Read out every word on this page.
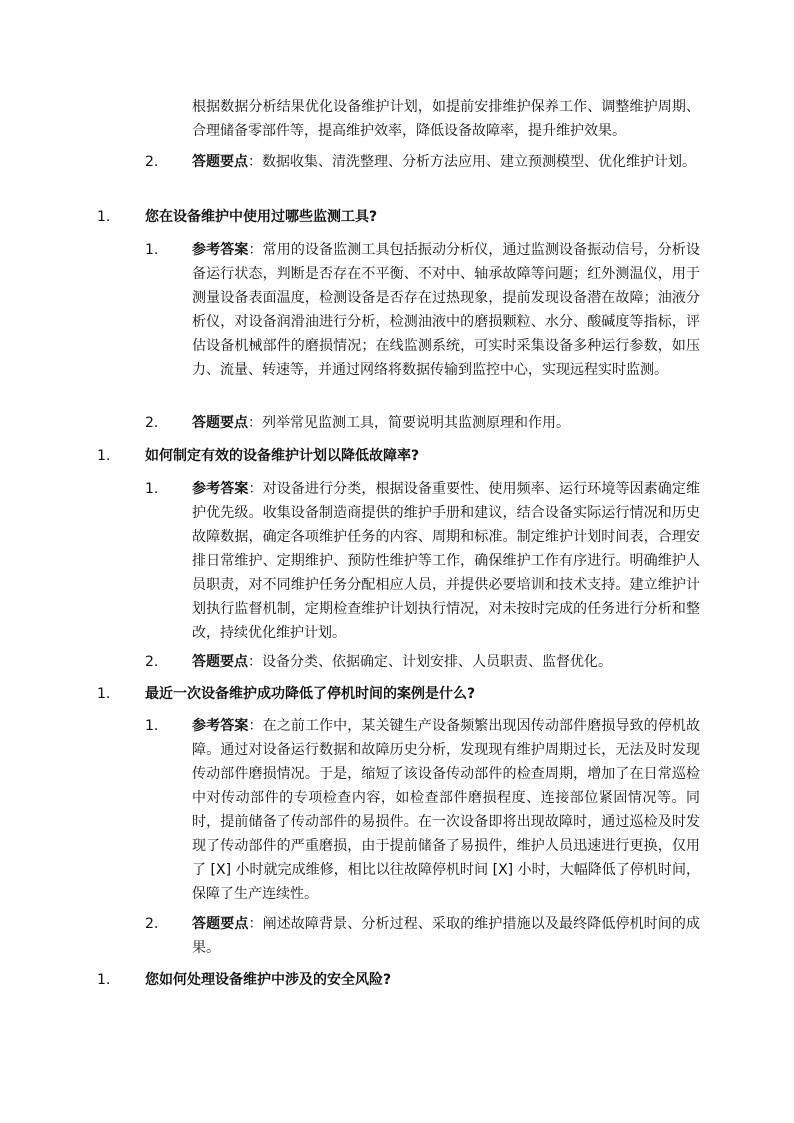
根据数据分析结果优化设备维护计划，如提前安排维护保养工作、调整维护周期、合理储备零部件等，提高维护效率，降低设备故障率，提升维护效果。
2. 答题要点：数据收集、清洗整理、分析方法应用、建立预测模型、优化维护计划。
1. 您在设备维护中使用过哪些监测工具?
1. 参考答案：常用的设备监测工具包括振动分析仪，通过监测设备振动信号，分析设备运行状态，判断是否存在不平衡、不对中、轴承故障等问题；红外测温仪，用于测量设备表面温度，检测设备是否存在过热现象，提前发现设备潜在故障；油液分析仪，对设备润滑油进行分析，检测油液中的磨损颗粒、水分、酸碱度等指标，评估设备机械部件的磨损情况；在线监测系统，可实时采集设备多种运行参数，如压力、流量、转速等，并通过网络将数据传输到监控中心，实现远程实时监测。
2. 答题要点：列举常见监测工具，简要说明其监测原理和作用。
1. 如何制定有效的设备维护计划以降低故障率?
1. 参考答案：对设备进行分类，根据设备重要性、使用频率、运行环境等因素确定维护优先级。收集设备制造商提供的维护手册和建议，结合设备实际运行情况和历史故障数据，确定各项维护任务的内容、周期和标准。制定维护计划时间表，合理安排日常维护、定期维护、预防性维护等工作，确保维护工作有序进行。明确维护人员职责，对不同维护任务分配相应人员，并提供必要培训和技术支持。建立维护计划执行监督机制，定期检查维护计划执行情况，对未按时完成的任务进行分析和整改，持续优化维护计划。
2. 答题要点：设备分类、依据确定、计划安排、人员职责、监督优化。
1. 最近一次设备维护成功降低了停机时间的案例是什么?
1. 参考答案：在之前工作中，某关键生产设备频繁出现因传动部件磨损导致的停机故障。通过对设备运行数据和故障历史分析，发现现有维护周期过长，无法及时发现传动部件磨损情况。于是，缩短了该设备传动部件的检查周期，增加了在日常巡检中对传动部件的专项检查内容，如检查部件磨损程度、连接部位紧固情况等。同时，提前储备了传动部件的易损件。在一次设备即将出现故障时，通过巡检及时发现了传动部件的严重磨损，由于提前储备了易损件，维护人员迅速进行更换，仅用了 [X] 小时就完成维修，相比以往故障停机时间 [X] 小时，大幅降低了停机时间，保障了生产连续性。
2. 答题要点：阐述故障背景、分析过程、采取的维护措施以及最终降低停机时间的成果。
1. 您如何处理设备维护中涉及的安全风险?
